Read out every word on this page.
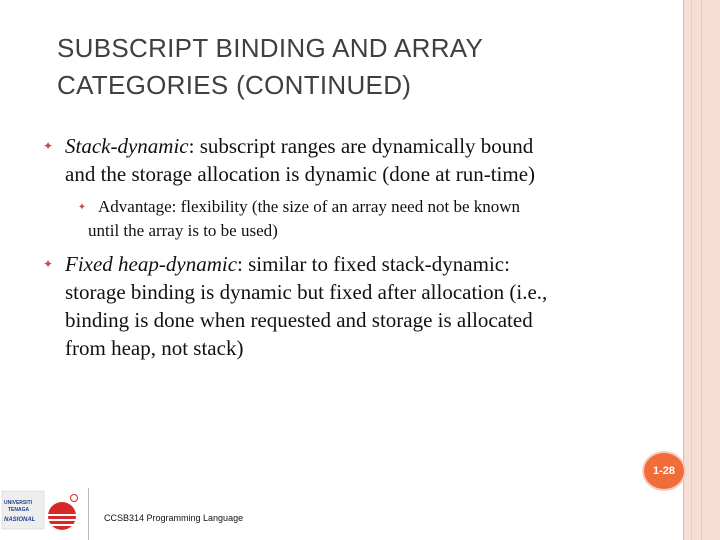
SUBSCRIPT BINDING AND ARRAY
CATEGORIES (CONTINUED)
✦
Stack-dynamic: subscript ranges are dynamically bound
and the storage allocation is dynamic (done at run-time)
✦
Advantage: flexibility (the size of an array need not be known
until the array is to be used)
✦
Fixed heap-dynamic: similar to fixed stack-dynamic:
storage binding is dynamic but fixed after allocation (i.e.,
binding is done when requested and storage is allocated
from heap, not stack)
1-28
UNIVERSITI
TENAGA
NASIONAL	CCSB314 Programming Language
